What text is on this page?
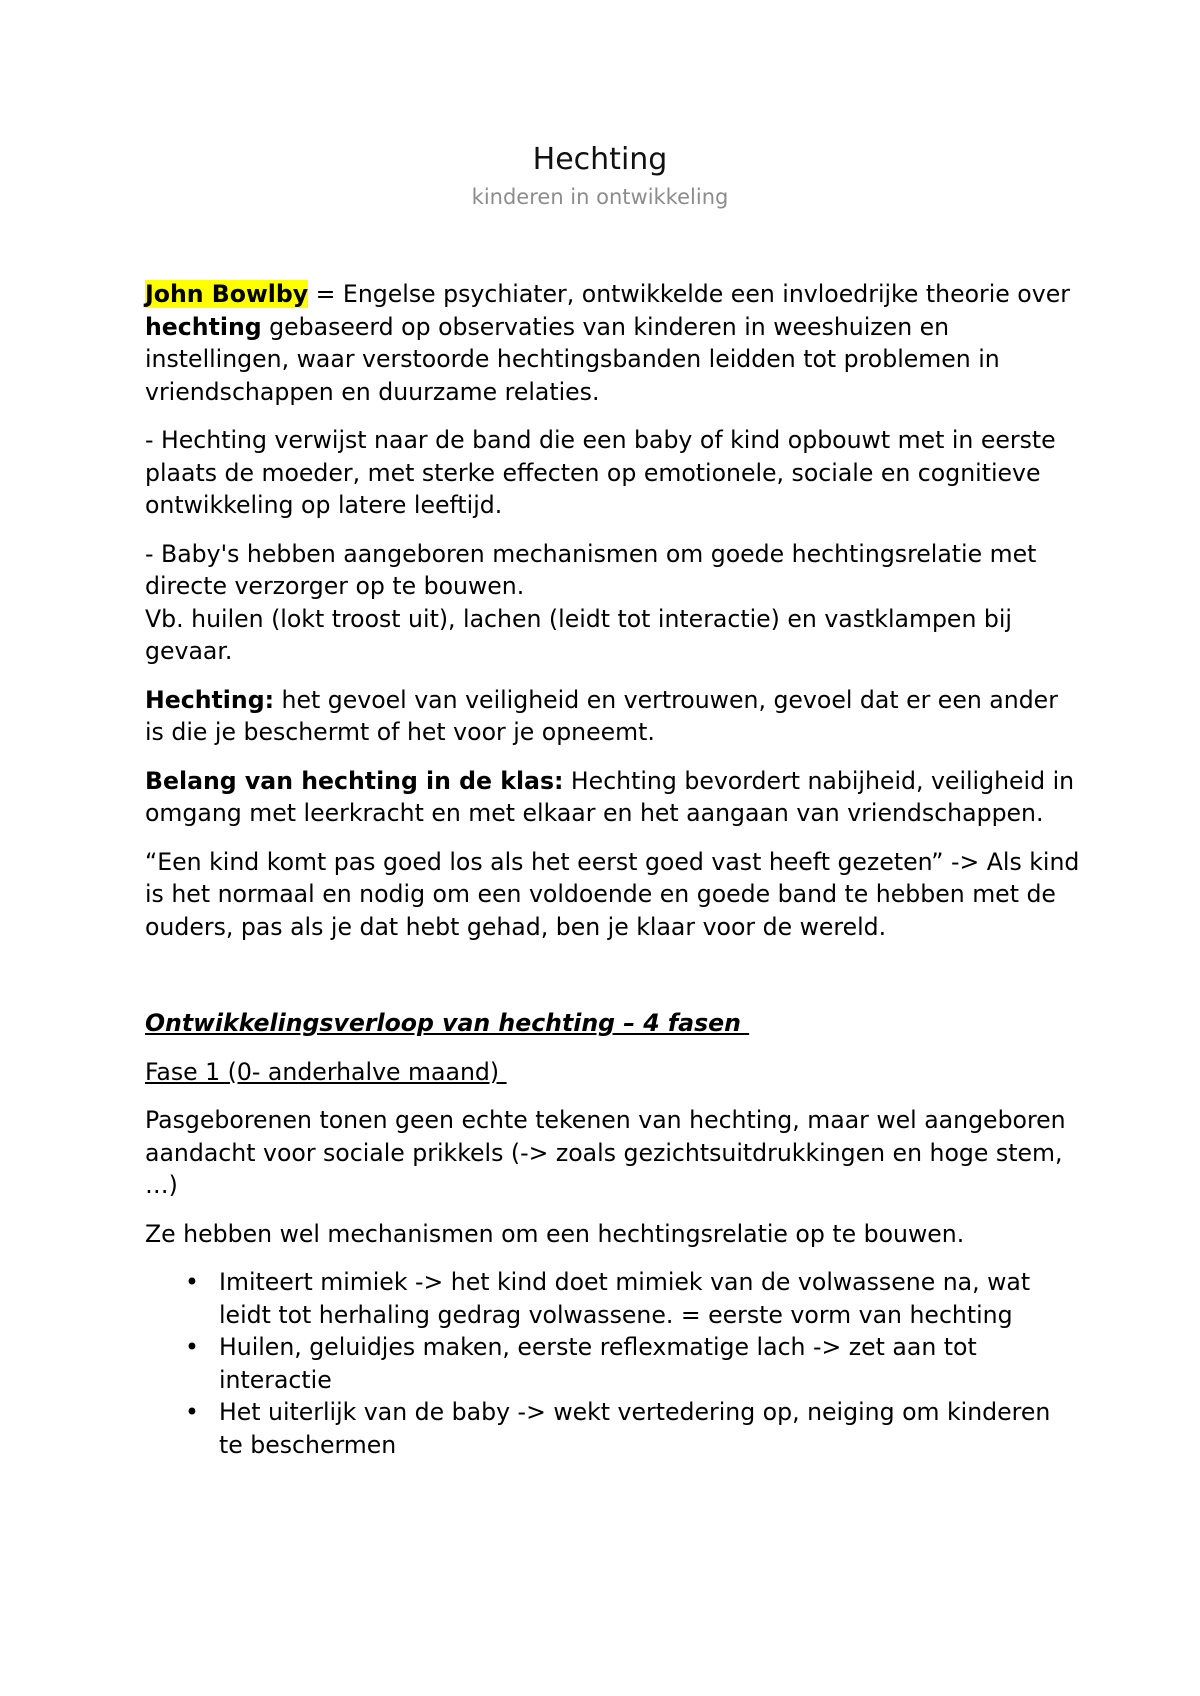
Hechting
kinderen in ontwikkeling

John Bowlby = Engelse psychiater, ontwikkelde een invloedrijke theorie over hechting gebaseerd op observaties van kinderen in weeshuizen en instellingen, waar verstoorde hechtingsbanden leidden tot problemen in vriendschappen en duurzame relaties.

- Hechting verwijst naar de band die een baby of kind opbouwt met in eerste plaats de moeder, met sterke effecten op emotionele, sociale en cognitieve ontwikkeling op latere leeftijd.

- Baby's hebben aangeboren mechanismen om goede hechtingsrelatie met directe verzorger op te bouwen.
Vb. huilen (lokt troost uit), lachen (leidt tot interactie) en vastklampen bij gevaar.

Hechting: het gevoel van veiligheid en vertrouwen, gevoel dat er een ander is die je beschermt of het voor je opneemt.

Belang van hechting in de klas: Hechting bevordert nabijheid, veiligheid in omgang met leerkracht en met elkaar en het aangaan van vriendschappen.

“Een kind komt pas goed los als het eerst goed vast heeft gezeten” -> Als kind is het normaal en nodig om een voldoende en goede band te hebben met de ouders, pas als je dat hebt gehad, ben je klaar voor de wereld.

Ontwikkelingsverloop van hechting – 4 fasen

Fase 1 (0- anderhalve maand)

Pasgeborenen tonen geen echte tekenen van hechting, maar wel aangeboren aandacht voor sociale prikkels (-> zoals gezichtsuitdrukkingen en hoge stem, …)

Ze hebben wel mechanismen om een hechtingsrelatie op te bouwen.

• Imiteert mimiek -> het kind doet mimiek van de volwassene na, wat leidt tot herhaling gedrag volwassene. = eerste vorm van hechting
• Huilen, geluidjes maken, eerste reflexmatige lach -> zet aan tot interactie
• Het uiterlijk van de baby -> wekt vertedering op, neiging om kinderen te beschermen
